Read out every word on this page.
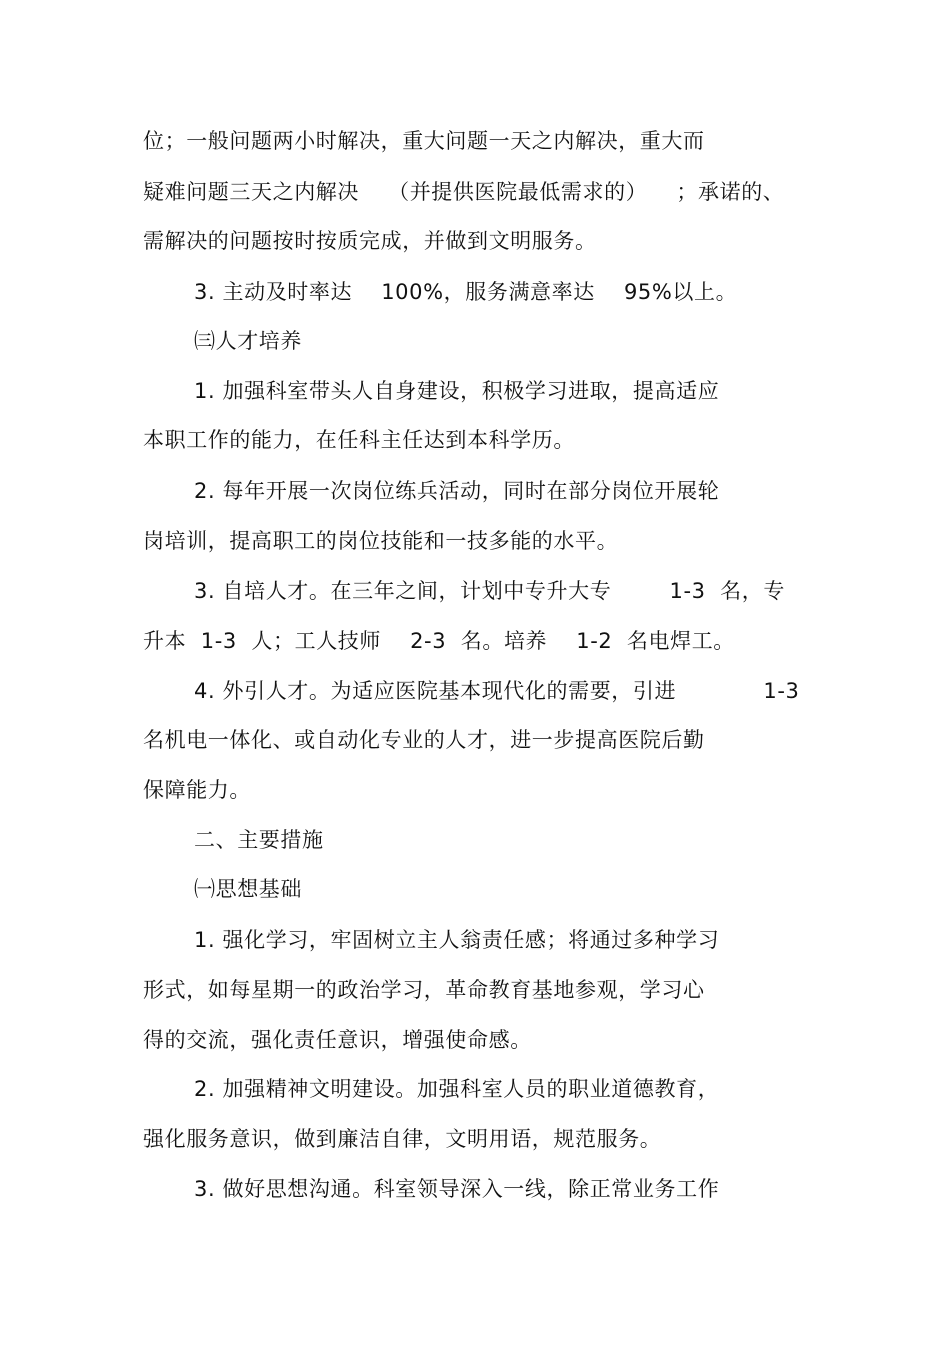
位；一般问题两小时解决，重大问题一天之内解决，重大而

疑难问题三天之内解决    （并提供医院最低需求的）    ；承诺的、

需解决的问题按时按质完成，并做到文明服务。

3. 主动及时率达    100%，服务满意率达    95%以上。

㈢人才培养

1. 加强科室带头人自身建设，积极学习进取，提高适应

本职工作的能力，在任科主任达到本科学历。

2. 每年开展一次岗位练兵活动，同时在部分岗位开展轮

岗培训，提高职工的岗位技能和一技多能的水平。

3. 自培人才。在三年之间，计划中专升大专        1-3  名，专

升本  1-3  人；工人技师    2-3  名。培养    1-2  名电焊工。

4. 外引人才。为适应医院基本现代化的需要，引进            1-3

名机电一体化、或自动化专业的人才，进一步提高医院后勤

保障能力。

二、主要措施

㈠思想基础

1. 强化学习，牢固树立主人翁责任感；将通过多种学习

形式，如每星期一的政治学习，革命教育基地参观，学习心

得的交流，强化责任意识，增强使命感。

2. 加强精神文明建设。加强科室人员的职业道德教育，

强化服务意识，做到廉洁自律，文明用语，规范服务。

3. 做好思想沟通。科室领导深入一线，除正常业务工作
